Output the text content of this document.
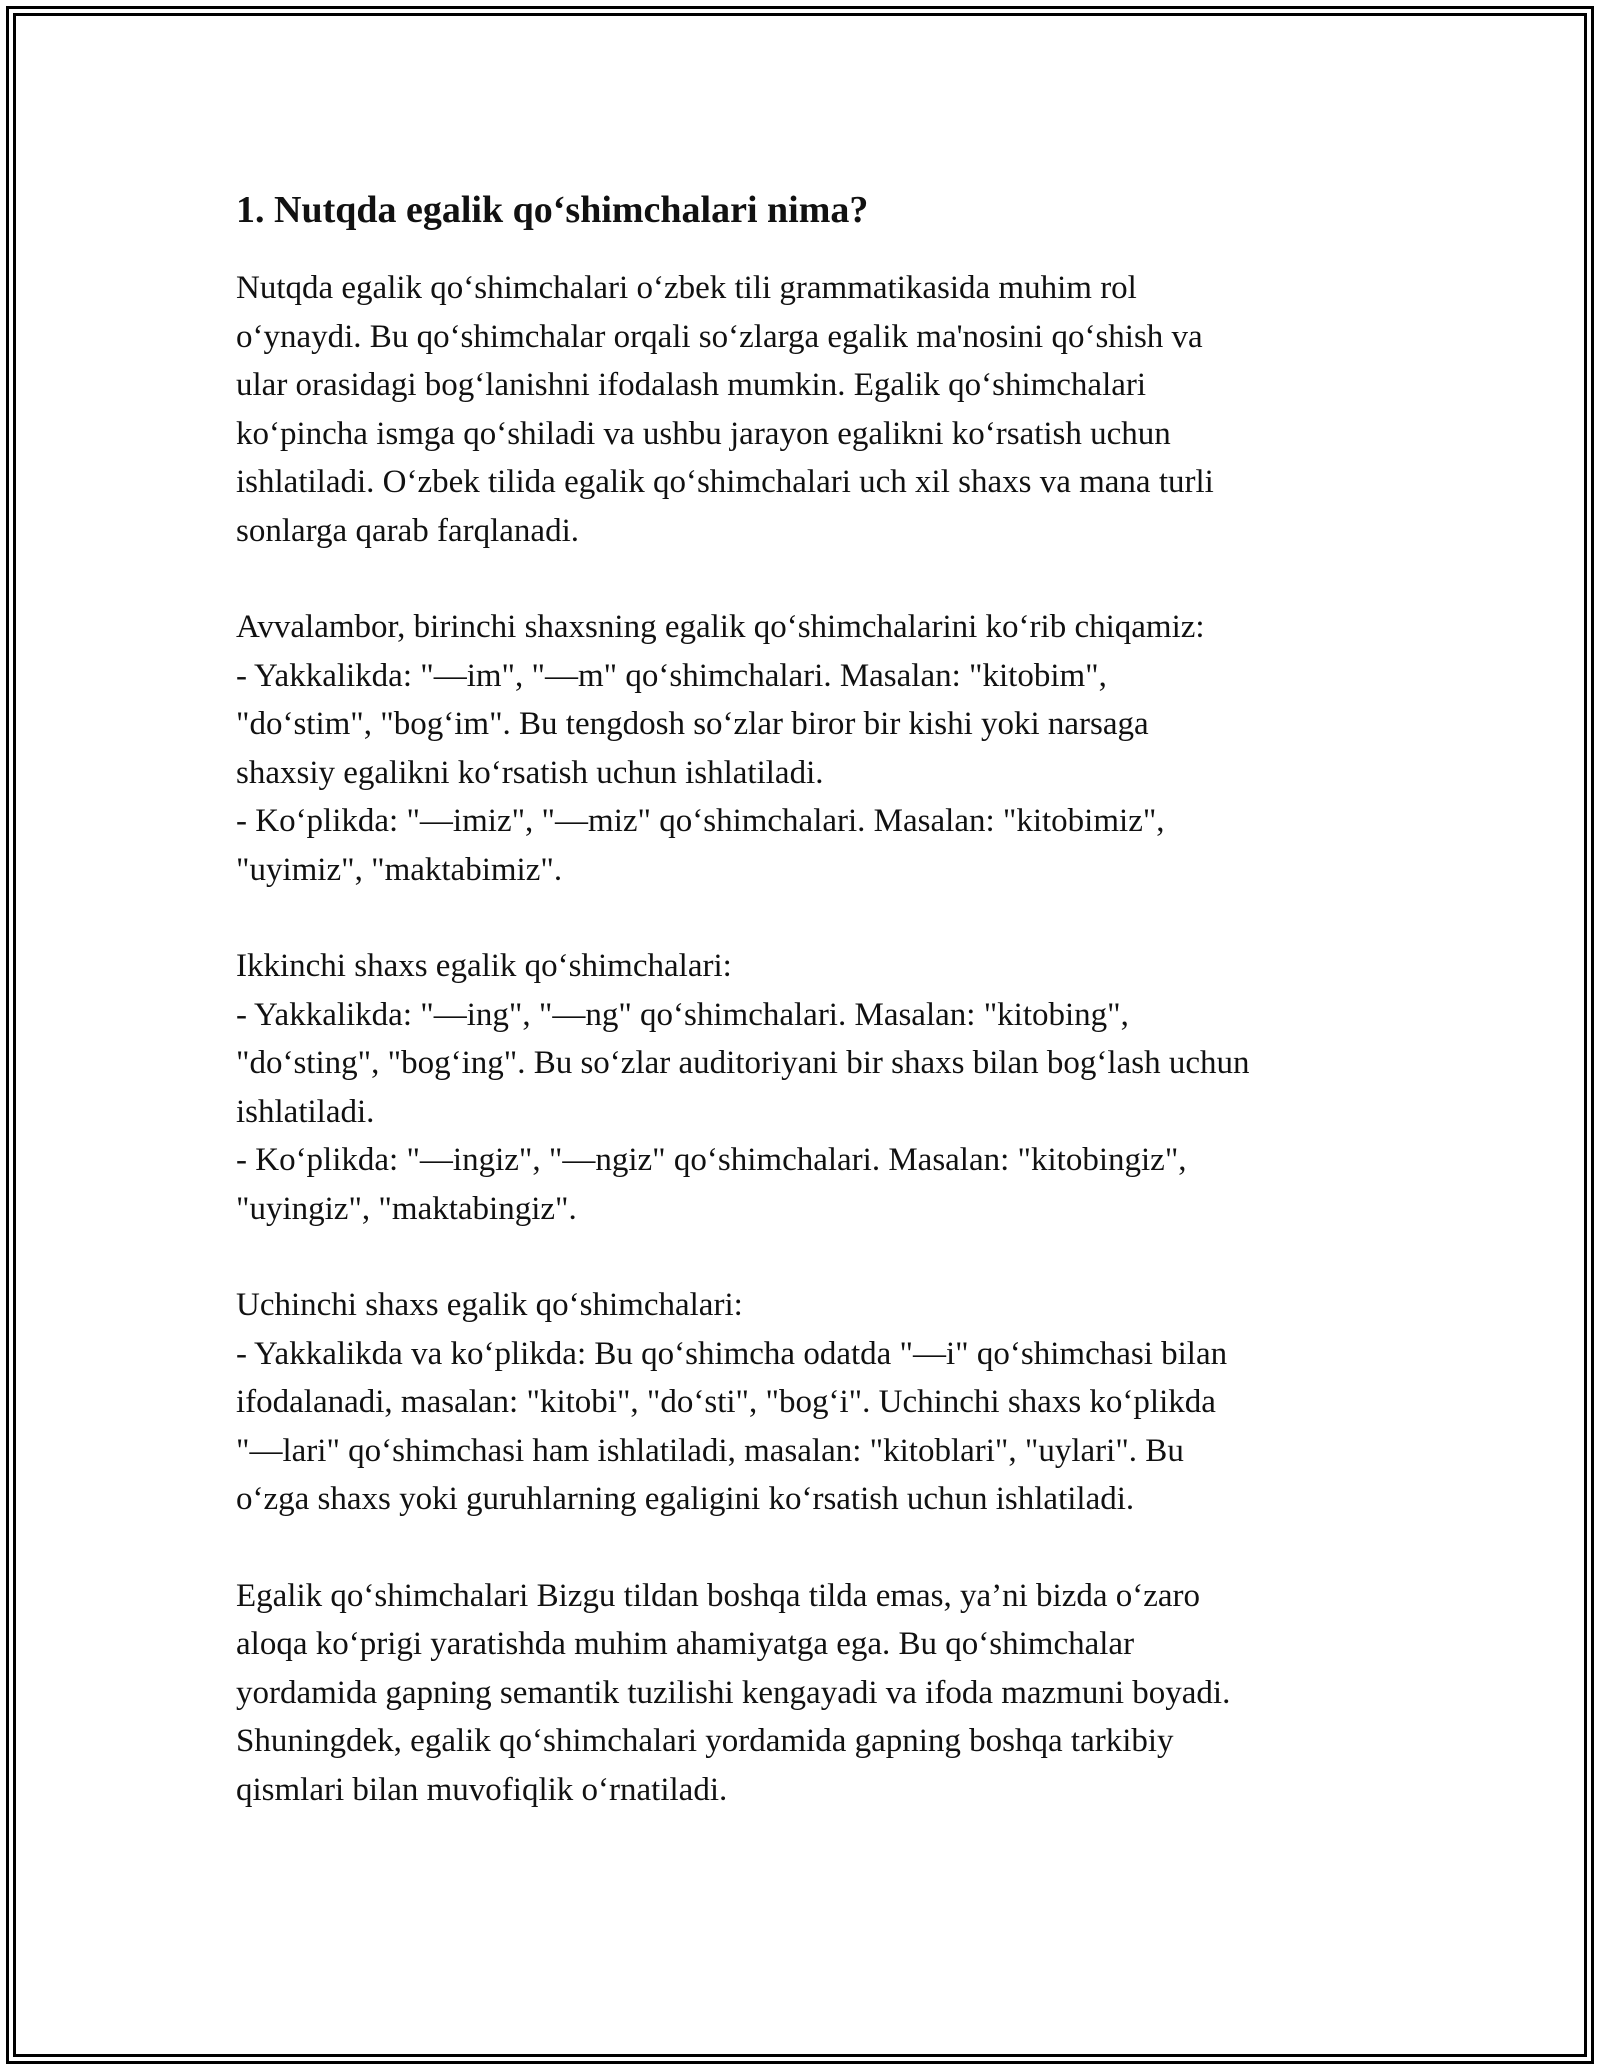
1. Nutqda egalik qo‘shimchalari nima?

Nutqda egalik qo‘shimchalari o‘zbek tili grammatikasida muhim rol
o‘ynaydi. Bu qo‘shimchalar orqali so‘zlarga egalik ma'nosini qo‘shish va
ular orasidagi bog‘lanishni ifodalash mumkin. Egalik qo‘shimchalari
ko‘pincha ismga qo‘shiladi va ushbu jarayon egalikni ko‘rsatish uchun
ishlatiladi. O‘zbek tilida egalik qo‘shimchalari uch xil shaxs va mana turli
sonlarga qarab farqlanadi.

Avvalambor, birinchi shaxsning egalik qo‘shimchalarini ko‘rib chiqamiz:
- Yakkalikda: "—im", "—m" qo‘shimchalari. Masalan: "kitobim",
"do‘stim", "bog‘im". Bu tengdosh so‘zlar biror bir kishi yoki narsaga
shaxsiy egalikni ko‘rsatish uchun ishlatiladi.
- Ko‘plikda: "—imiz", "—miz" qo‘shimchalari. Masalan: "kitobimiz",
"uyimiz", "maktabimiz".

Ikkinchi shaxs egalik qo‘shimchalari:
- Yakkalikda: "—ing", "—ng" qo‘shimchalari. Masalan: "kitobing",
"do‘sting", "bog‘ing". Bu so‘zlar auditoriyani bir shaxs bilan bog‘lash uchun
ishlatiladi.
- Ko‘plikda: "—ingiz", "—ngiz" qo‘shimchalari. Masalan: "kitobingiz",
"uyingiz", "maktabingiz".

Uchinchi shaxs egalik qo‘shimchalari:
- Yakkalikda va ko‘plikda: Bu qo‘shimcha odatda "—i" qo‘shimchasi bilan
ifodalanadi, masalan: "kitobi", "do‘sti", "bog‘i". Uchinchi shaxs ko‘plikda
"—lari" qo‘shimchasi ham ishlatiladi, masalan: "kitoblari", "uylari". Bu
o‘zga shaxs yoki guruhlarning egaligini ko‘rsatish uchun ishlatiladi.

Egalik qo‘shimchalari Bizgu tildan boshqa tilda emas, ya’ni bizda o‘zaro
aloqa ko‘prigi yaratishda muhim ahamiyatga ega. Bu qo‘shimchalar
yordamida gapning semantik tuzilishi kengayadi va ifoda mazmuni boyadi.
Shuningdek, egalik qo‘shimchalari yordamida gapning boshqa tarkibiy
qismlari bilan muvofiqlik o‘rnatiladi.
